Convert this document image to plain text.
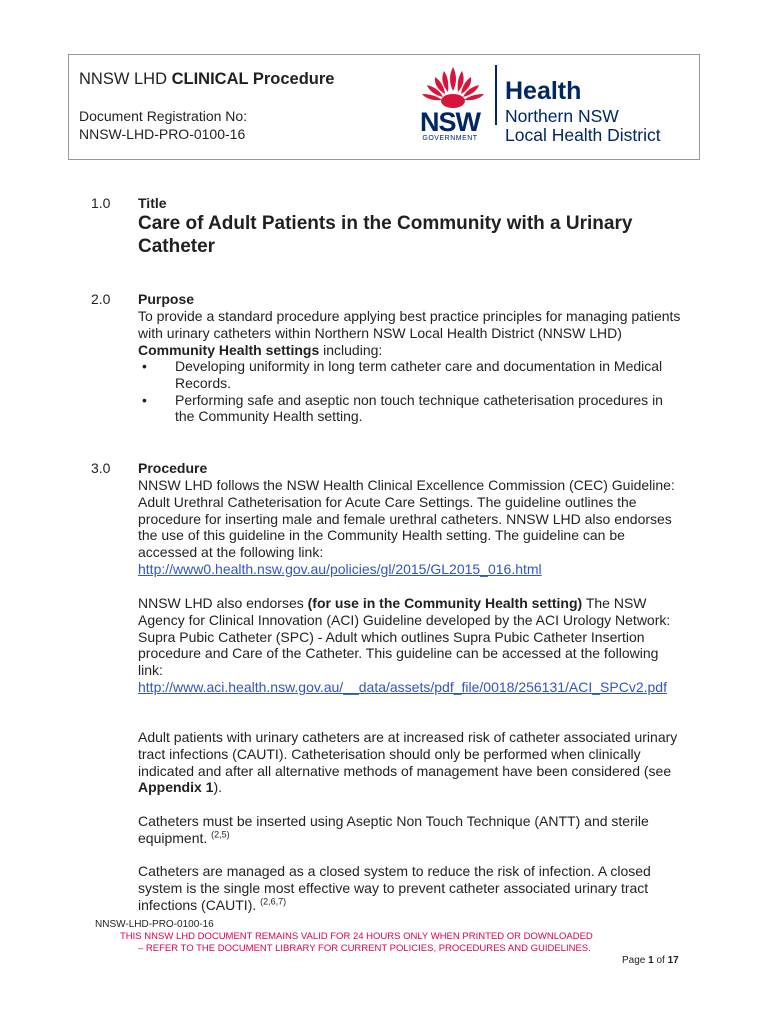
NNSW LHD CLINICAL Procedure
Document Registration No:
NNSW-LHD-PRO-0100-16	NSW
GOVERNMENT
Health
Northern NSW
Local Health District
1.0 Title
Care of Adult Patients in the Community with a Urinary Catheter
2.0 Purpose
To provide a standard procedure applying best practice principles for managing patients with urinary catheters within Northern NSW Local Health District (NNSW LHD) Community Health settings including:
• Developing uniformity in long term catheter care and documentation in Medical Records.
• Performing safe and aseptic non touch technique catheterisation procedures in the Community Health setting.
3.0 Procedure
NNSW LHD follows the NSW Health Clinical Excellence Commission (CEC) Guideline: Adult Urethral Catheterisation for Acute Care Settings. The guideline outlines the procedure for inserting male and female urethral catheters. NNSW LHD also endorses the use of this guideline in the Community Health setting. The guideline can be accessed at the following link: http://www0.health.nsw.gov.au/policies/gl/2015/GL2015_016.html
NNSW LHD also endorses (for use in the Community Health setting) The NSW Agency for Clinical Innovation (ACI) Guideline developed by the ACI Urology Network: Supra Pubic Catheter (SPC) - Adult which outlines Supra Pubic Catheter Insertion procedure and Care of the Catheter. This guideline can be accessed at the following link:
http://www.aci.health.nsw.gov.au/__data/assets/pdf_file/0018/256131/ACI_SPCv2.pdf
Adult patients with urinary catheters are at increased risk of catheter associated urinary tract infections (CAUTI). Catheterisation should only be performed when clinically indicated and after all alternative methods of management have been considered (see Appendix 1).
Catheters must be inserted using Aseptic Non Touch Technique (ANTT) and sterile equipment. $^{(2,5)}$
Catheters are managed as a closed system to reduce the risk of infection. A closed system is the single most effective way to prevent catheter associated urinary tract infections (CAUTI). $^{(2,6,7)}$
NNSW-LHD-PRO-0100-16
THIS NNSW LHD DOCUMENT REMAINS VALID FOR 24 HOURS ONLY WHEN PRINTED OR DOWNLOADED
– REFER TO THE DOCUMENT LIBRARY FOR CURRENT POLICIES, PROCEDURES AND GUIDELINES.
Page 1 of 17
